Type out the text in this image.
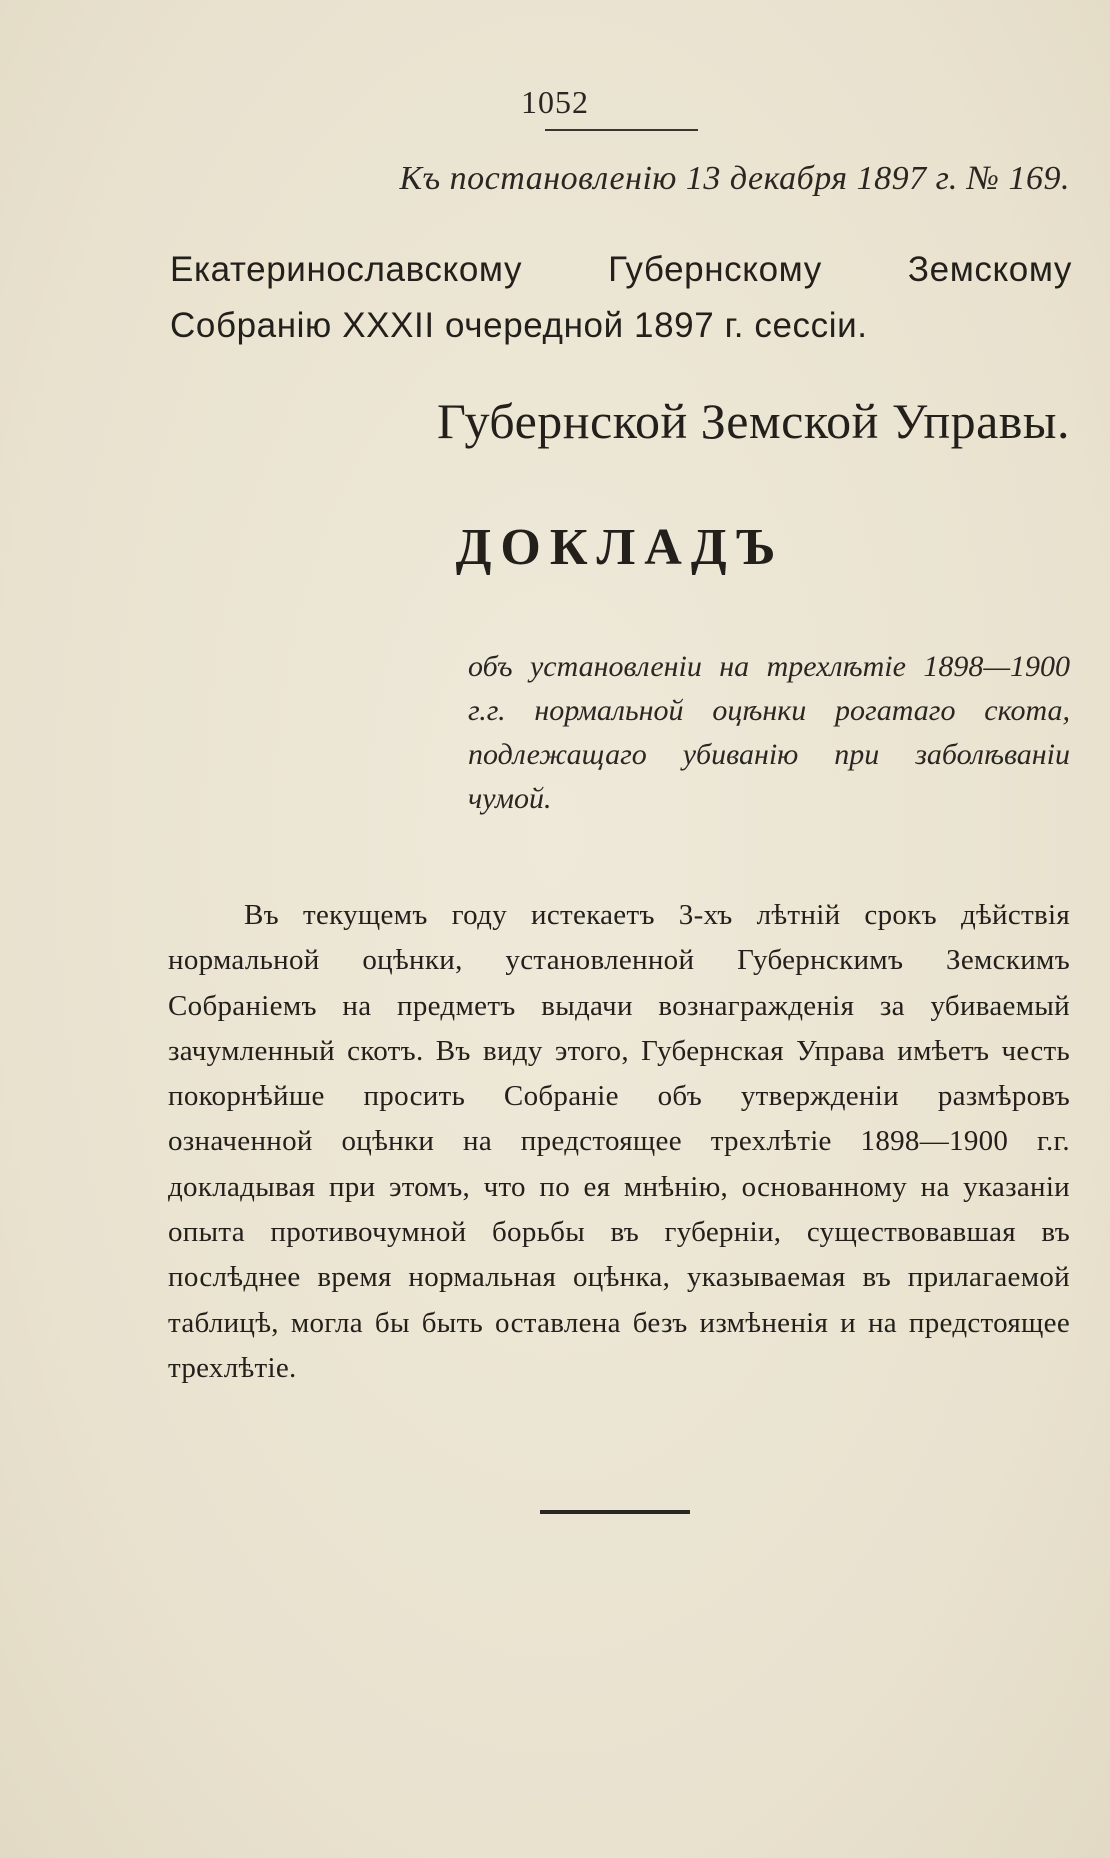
1052
Къ постановленію 13 декабря 1897 г. № 169.
Екатеринославскому Губернскому Земскому Собранію XXXII очередной 1897 г. сессіи.
Губернской Земской Управы.
ДОКЛАДЪ
объ установленіи на трехлѣтіе 1898—1900 г.г. нормальной оцѣнки рогатаго скота, подлежащаго убиванію при заболѣваніи чумой.
Въ текущемъ году истекаетъ 3-хъ лѣтній срокъ дѣйствія нормальной оцѣнки, установленной Губернскимъ Земскимъ Собраніемъ на предметъ выдачи вознагражденія за убиваемый зачумленный скотъ. Въ виду этого, Губернская Управа имѣетъ честь покорнѣйше просить Собраніе объ утвержденіи размѣровъ означенной оцѣнки на предстоящее трехлѣтіе 1898—1900 г.г. докладывая при этомъ, что по ея мнѣнію, основанному на указаніи опыта противочумной борьбы въ губерніи, существовавшая въ послѣднее время нормальная оцѣнка, указываемая въ прилагаемой таблицѣ, могла бы быть оставлена безъ измѣненія и на предстоящее трехлѣтіе.
